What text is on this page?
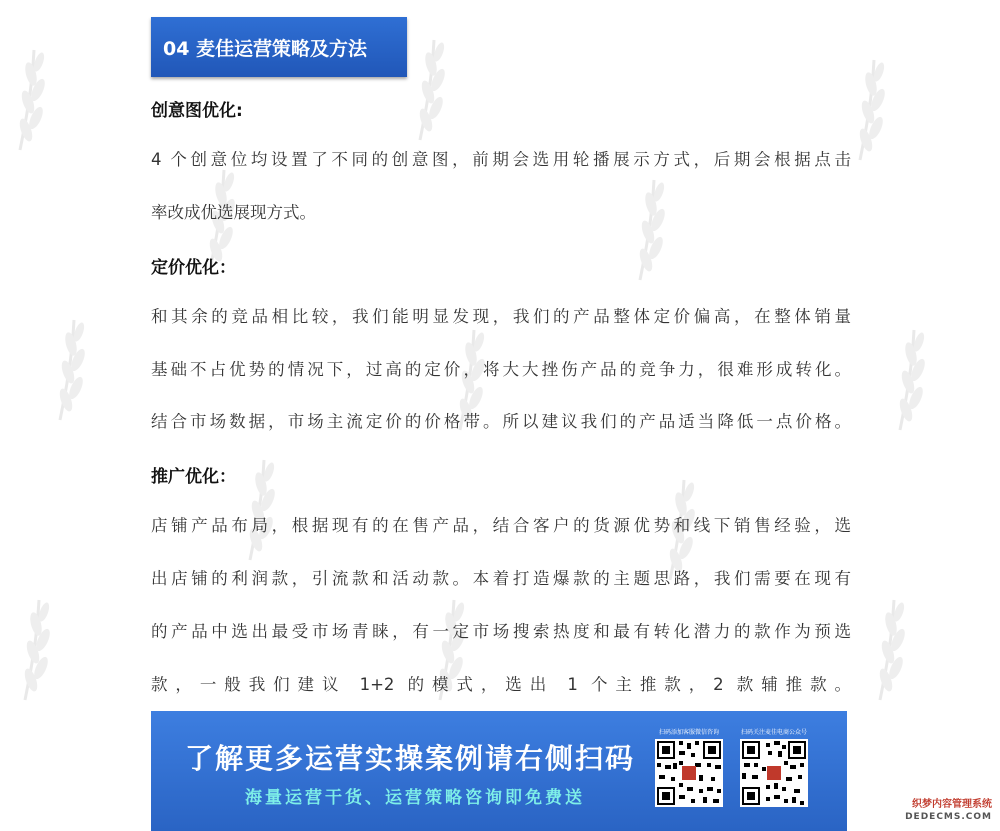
04 麦佳运营策略及方法
创意图优化:
4 个创意位均设置了不同的创意图，前期会选用轮播展示方式，后期会根据点击
率改成优选展现方式。
定价优化：
和其余的竞品相比较，我们能明显发现，我们的产品整体定价偏高，在整体销量
基础不占优势的情况下，过高的定价，将大大挫伤产品的竞争力，很难形成转化。
结合市场数据，市场主流定价的价格带。所以建议我们的产品适当降低一点价格。
推广优化：
店铺产品布局，根据现有的在售产品，结合客户的货源优势和线下销售经验，选
出店铺的利润款，引流款和活动款。本着打造爆款的主题思路，我们需要在现有
的产品中选出最受市场青睐，有一定市场搜索热度和最有转化潜力的款作为预选
款，一般我们建议 1+2 的模式，选出 1 个主推款，2 款辅推款。
了解更多运营实操案例请右侧扫码
海量运营干货、运营策略咨询即免费送
扫码添加客服微信咨询	扫码关注麦佳电商公众号
织梦内容管理系统
DEDECMS.COM
